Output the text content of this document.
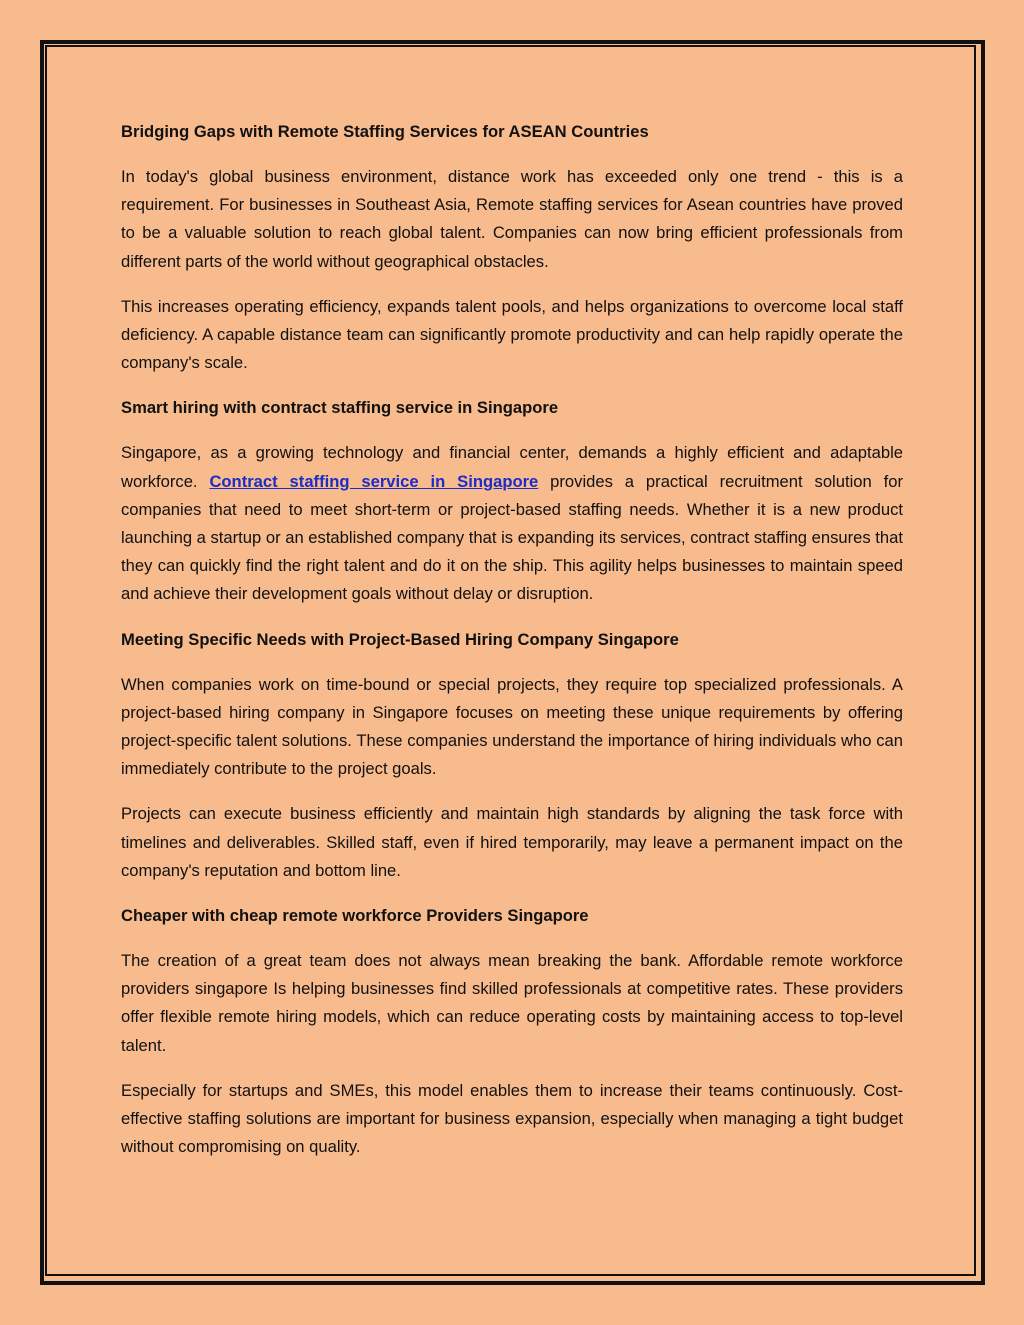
Bridging Gaps with Remote Staffing Services for ASEAN Countries

In today's global business environment, distance work has exceeded only one trend - this is a requirement. For businesses in Southeast Asia, Remote staffing services for Asean countries have proved to be a valuable solution to reach global talent. Companies can now bring efficient professionals from different parts of the world without geographical obstacles.

This increases operating efficiency, expands talent pools, and helps organizations to overcome local staff deficiency. A capable distance team can significantly promote productivity and can help rapidly operate the company's scale.

Smart hiring with contract staffing service in Singapore

Singapore, as a growing technology and financial center, demands a highly efficient and adaptable workforce. Contract staffing service in Singapore provides a practical recruitment solution for companies that need to meet short-term or project-based staffing needs. Whether it is a new product launching a startup or an established company that is expanding its services, contract staffing ensures that they can quickly find the right talent and do it on the ship. This agility helps businesses to maintain speed and achieve their development goals without delay or disruption.

Meeting Specific Needs with Project-Based Hiring Company Singapore

When companies work on time-bound or special projects, they require top specialized professionals. A project-based hiring company in Singapore focuses on meeting these unique requirements by offering project-specific talent solutions. These companies understand the importance of hiring individuals who can immediately contribute to the project goals.

Projects can execute business efficiently and maintain high standards by aligning the task force with timelines and deliverables. Skilled staff, even if hired temporarily, may leave a permanent impact on the company's reputation and bottom line.

Cheaper with cheap remote workforce Providers Singapore

The creation of a great team does not always mean breaking the bank. Affordable remote workforce providers singapore Is helping businesses find skilled professionals at competitive rates. These providers offer flexible remote hiring models, which can reduce operating costs by maintaining access to top-level talent.

Especially for startups and SMEs, this model enables them to increase their teams continuously. Cost-effective staffing solutions are important for business expansion, especially when managing a tight budget without compromising on quality.
